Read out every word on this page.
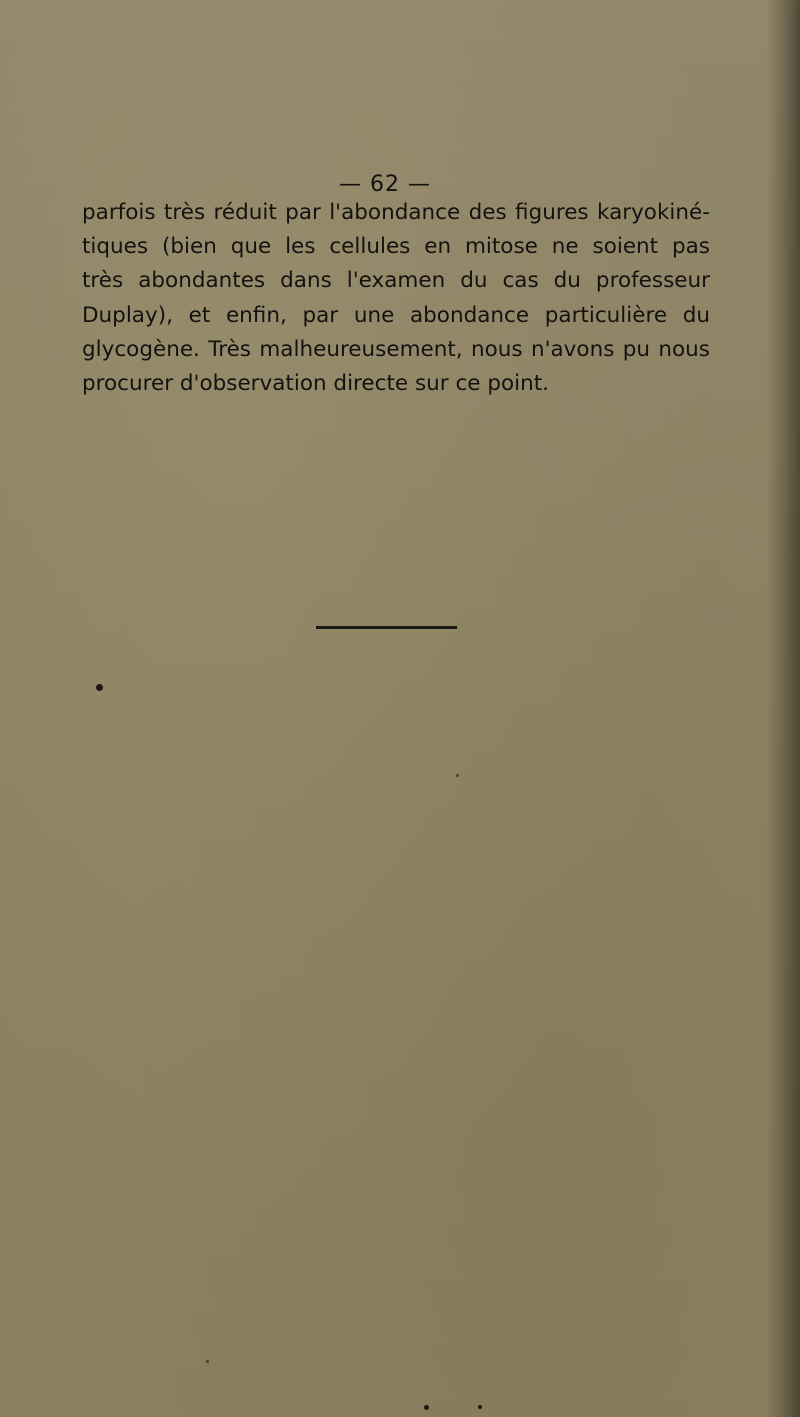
— 62 —
parfois très réduit par l'abondance des figures karyokiné-
tiques (bien que les cellules en mitose ne soient pas
très abondantes dans l'examen du cas du professeur
Duplay), et enfin, par une abondance particulière du
glycogène. Très malheureusement, nous n'avons pu nous
procurer d'observation directe sur ce point.
